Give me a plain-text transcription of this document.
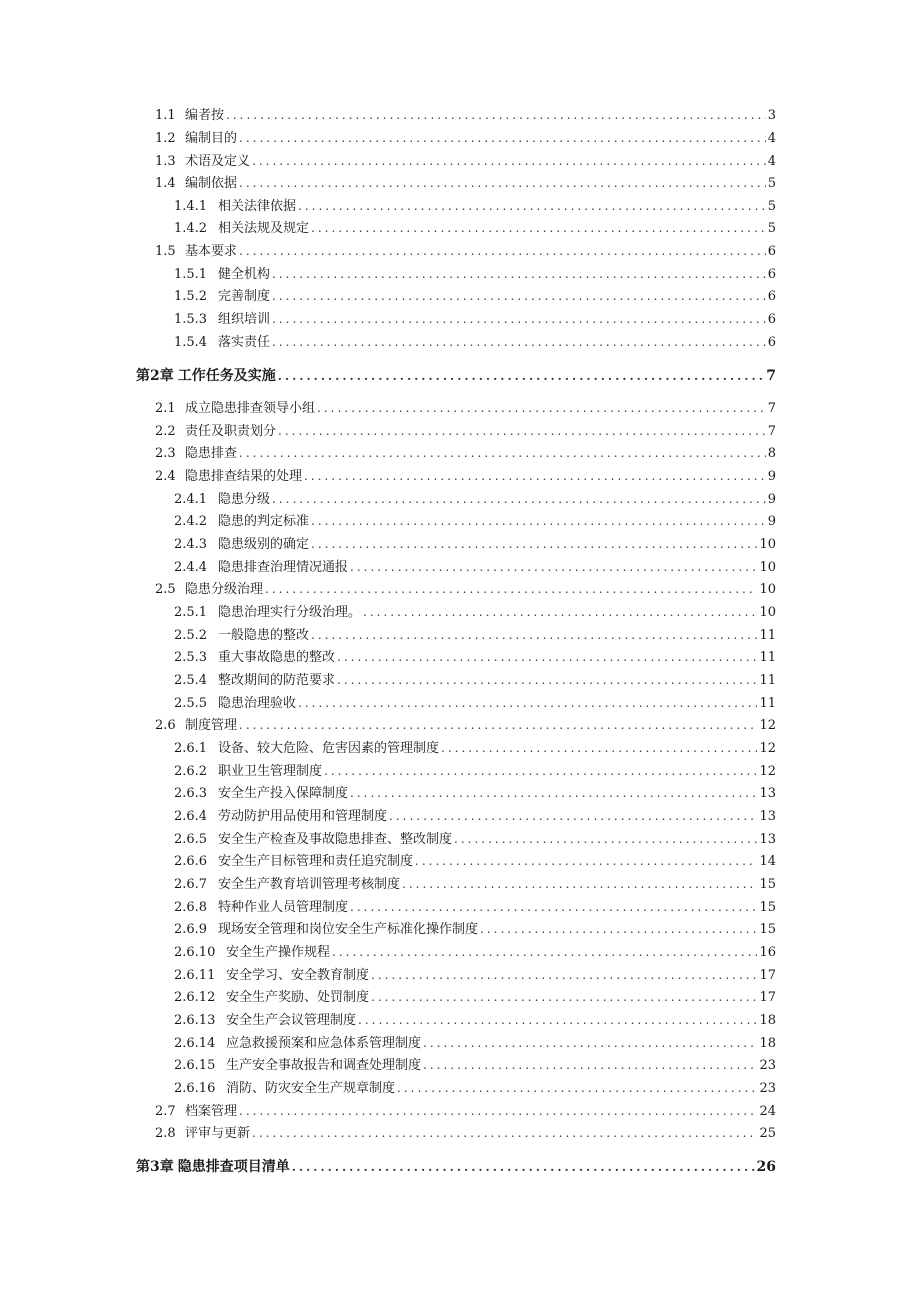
1.1 编者按 .....	3
1.2 编制目的 .....	4
1.3 术语及定义 .....	4
1.4 编制依据 .....	5
1.4.1 相关法律依据 .....	5
1.4.2 相关法规及规定 .....	5
1.5 基本要求 .....	6
1.5.1 健全机构 .....	6
1.5.2 完善制度 .....	6
1.5.3 组织培训 .....	6
1.5.4 落实责任 .....	6
第2章 工作任务及实施 .....	7
2.1 成立隐患排查领导小组 .....	7
2.2 责任及职责划分 .....	7
2.3 隐患排查 .....	8
2.4 隐患排查结果的处理 .....	9
2.4.1 隐患分级 .....	9
2.4.2 隐患的判定标准 .....	9
2.4.3 隐患级别的确定 .....	10
2.4.4 隐患排查治理情况通报 .....	10
2.5 隐患分级治理 .....	10
2.5.1 隐患治理实行分级治理。 .....	10
2.5.2 一般隐患的整改 .....	11
2.5.3 重大事故隐患的整改 .....	11
2.5.4 整改期间的防范要求 .....	11
2.5.5 隐患治理验收 .....	11
2.6 制度管理 .....	12
2.6.1 设备、较大危险、危害因素的管理制度 .....	12
2.6.2 职业卫生管理制度 .....	12
2.6.3 安全生产投入保障制度 .....	13
2.6.4 劳动防护用品使用和管理制度 .....	13
2.6.5 安全生产检查及事故隐患排查、整改制度 .....	13
2.6.6 安全生产目标管理和责任追究制度 .....	14
2.6.7 安全生产教育培训管理考核制度 .....	15
2.6.8 特种作业人员管理制度 .....	15
2.6.9 现场安全管理和岗位安全生产标准化操作制度 .....	15
2.6.10 安全生产操作规程 .....	16
2.6.11 安全学习、安全教育制度 .....	17
2.6.12 安全生产奖励、处罚制度 .....	17
2.6.13 安全生产会议管理制度 .....	18
2.6.14 应急救援预案和应急体系管理制度 .....	18
2.6.15 生产安全事故报告和调查处理制度 .....	23
2.6.16 消防、防灾安全生产规章制度 .....	23
2.7 档案管理 .....	24
2.8 评审与更新 .....	25
第3章 隐患排查项目清单 .....	26
